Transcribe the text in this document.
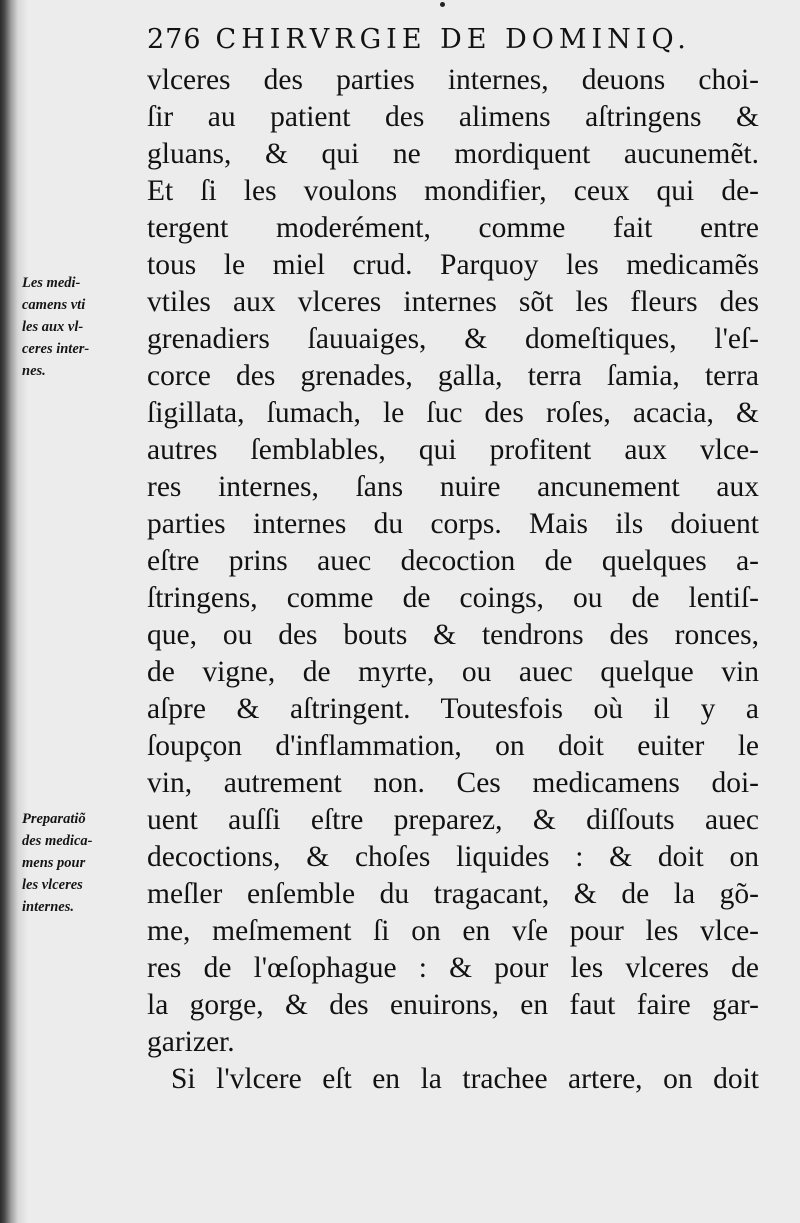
276 CHIRVRGIE DE DOMINIQ.
Les medi-
camens vti
les aux vl-
ceres inter-
nes.
Preparatiõ
des medica-
mens pour
les vlceres
internes.
vlceres des parties internes, deuons choi-
ſir au patient des alimens aſtringens &
gluans, & qui ne mordiquent aucunemẽt.
Et ſi les voulons mondifier, ceux qui de-
tergent moderément, comme fait entre
tous le miel crud. Parquoy les medicamẽs
vtiles aux vlceres internes sõt les fleurs des
grenadiers ſauuaiges, & domeſtiques, l'eſ-
corce des grenades, galla, terra ſamia, terra
ſigillata, ſumach, le ſuc des roſes, acacia, &
autres ſemblables, qui profitent aux vlce-
res internes, ſans nuire ancunement aux
parties internes du corps. Mais ils doiuent
eſtre prins auec decoction de quelques a-
ſtringens, comme de coings, ou de lentiſ-
que, ou des bouts & tendrons des ronces,
de vigne, de myrte, ou auec quelque vin
aſpre & aſtringent. Toutesfois où il y a
ſoupçon d'inflammation, on doit euiter le
vin, autrement non. Ces medicamens doi-
uent auſſi eſtre preparez, & diſſouts auec
decoctions, & choſes liquides : & doit on
meſler enſemble du tragacant, & de la gõ-
me, meſmement ſi on en vſe pour les vlce-
res de l'œſophague : & pour les vlceres de
la gorge, & des enuirons, en faut faire gar-
garizer.
Si l'vlcere eſt en la trachee artere, on doit
